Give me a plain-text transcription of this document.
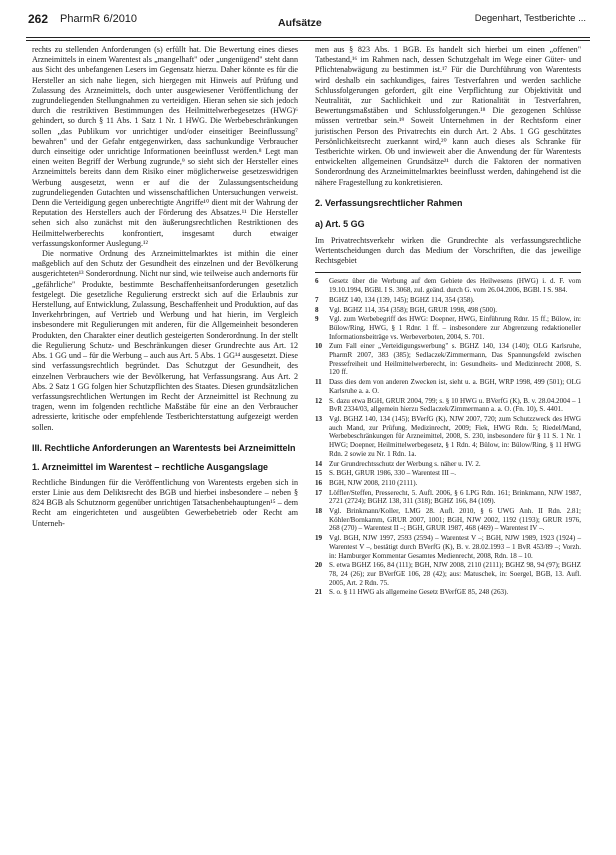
262 PharmR 6/2010	Aufsätze	Degenhart, Testberichte ...

rechts zu stellenden Anforderungen (s) erfüllt hat. Die Bewertung eines dieses Arzneimittels in einem Warentest als „mangelhaft" oder „ungenügend" steht dann aus Sicht des unbefangenen Lesers im Gegensatz hierzu. Daher könnte es für die Hersteller an sich nahe liegen, sich hiergegen mit Hinweis auf Prüfung und Zulassung des Arzneimittels, doch unter ausgewiesener Veröffentlichung der zugrundeliegenden Stellungnahmen zu verteidigen. Hieran sehen sie sich jedoch durch die restriktiven Bestimmungen des Heilmittelwerbegesetzes (HWG)⁶ gehindert, so durch § 11 Abs. 1 Satz 1 Nr. 1 HWG. Die Werbebeschränkungen sollen „das Publikum vor unrichtiger und/oder einseitiger Beeinflussung⁷ bewahren" und der Gefahr entgegenwirken, dass sachunkundige Verbraucher durch einseitige oder unrichtige Informationen beeinflusst werden.⁸ Legt man einen weiten Begriff der Werbung zugrunde,⁹ so sieht sich der Hersteller eines Arzneimittels bereits dann dem Risiko einer möglicherweise gesetzeswidrigen Werbung ausgesetzt, wenn er auf die der Zulassungsentscheidung zugrundeliegenden Gutachten und wissenschaftlichen Untersuchungen verweist. Denn die Verteidigung gegen unberechtigte Angriffe¹⁰ dient mit der Wahrung der Reputation des Herstellers auch der Förderung des Absatzes.¹¹ Die Hersteller sehen sich also zunächst mit den äußerungsrechtlichen Restriktionen des Heilmittelwerberechts konfrontiert, insgesamt durch etwaiger verfassungskonformer Auslegung.¹²

Die normative Ordnung des Arzneimittelmarktes ist mithin die einer maßgeblich auf den Schutz der Gesundheit des einzelnen und der Bevölkerung ausgerichteten¹³ Sonderordnung. Nicht nur sind, wie teilweise auch andernorts für „gefährliche" Produkte, bestimmte Beschaffenheitsanforderungen gesetzlich festgelegt. Die gesetzliche Regulierung erstreckt sich auf die Erlaubnis zur Herstellung, auf Entwicklung, Zulassung, Beschaffenheit und Produktion, auf das Inverkehrbringen, auf Vertrieb und Werbung und hat hierin, im Vergleich insbesondere mit Regulierungen mit anderen, für die Allgemeinheit besonderen Produkten, den Charakter einer deutlich gesteigerten Sonderordnung. In der stellt die Regulierung Schutz- und Beschränkungen dieser Grundrechte aus Art. 12 Abs. 1 GG und – für die Werbung – auch aus Art. 5 Abs. 1 GG¹⁴ ausgesetzt. Diese sind verfassungsrechtlich begründet. Das Schutzgut der Gesundheit, des einzelnen Verbrauchers wie der Bevölkerung, hat Verfassungsrang. Aus Art. 2 Abs. 2 Satz 1 GG folgen hier Schutzpflichten des Staates. Diesen grundsätzlichen verfassungsrechtlichen Wertungen im Recht der Arzneimittel ist Rechnung zu tragen, wenn im folgenden rechtliche Maßstäbe für eine an den Verbraucher adressierte, kritische oder empfehlende Testberichterstattung aufgezeigt werden sollen.

III. Rechtliche Anforderungen an Warentests bei Arzneimitteln
1. Arzneimittel im Warentest – rechtliche Ausgangslage

Rechtliche Bindungen für die Veröffentlichung von Warentests ergeben sich in erster Linie aus dem Deliktsrecht des BGB und hierbei insbesondere – neben § 824 BGB als Schutznorm gegenüber unrichtigen Tatsachenbehauptungen¹⁵ – dem Recht am eingerichteten und ausgeübten Gewerbebetrieb oder Recht am Unterneh-

men aus § 823 Abs. 1 BGB. Es handelt sich hierbei um einen „offenen" Tatbestand,¹⁶ im Rahmen nach, dessen Schutzgehalt im Wege einer Güter- und Pflichtenabwägung zu bestimmen ist.¹⁷ Für die Durchführung von Warentests wird deshalb ein sachkundiges, faires Testverfahren und werden sachliche Schlussfolgerungen gefordert, gilt eine Verpflichtung zur Objektivität und Neutralität, zur Sachlichkeit und zur Rationalität in Testverfahren, Bewertungsmaßstäben und Schlussfolgerungen.¹⁸ Die gezogenen Schlüsse müssen vertretbar sein.¹⁹ Soweit Unternehmen in der Rechtsform einer juristischen Person des Privatrechts ein durch Art. 2 Abs. 1 GG geschütztes Persönlichkeitsrecht zuerkannt wird,²⁰ kann auch dieses als Schranke für Testberichte wirken. Ob und inwieweit aber die Anwendung der für Warentests entwickelten allgemeinen Grundsätze²¹ durch die Faktoren der normativen Sonderordnung des Arzneimittelmarktes beeinflusst werden, dahingehend ist die nähere Fragestellung zu konkretisieren.

2. Verfassungsrechtlicher Rahmen
a) Art. 5 GG

Im Privatrechtsverkehr wirken die Grundrechte als verfassungsrechtliche Wertentscheidungen durch das Medium der Vorschriften, die das jeweilige Rechtsgebiet

6	Gesetz über die Werbung auf dem Gebiete des Heilwesens (HWG) i. d. F. vom 19.10.1994, BGBl. I S. 3068, zul. geänd. durch G. vom 26.04.2006, BGBl. I S. 984.
7	BGHZ 140, 134 (139, 145); BGHZ 114, 354 (358).
8	Vgl. BGHZ 114, 354 (358); BGH, GRUR 1998, 498 (500).
9	Vgl. zum Werbebegriff des HWG: Doepner, HWG, Einführung Rdnr. 15 ff.; Bülow, in: Bülow/Ring, HWG, § 1 Rdnr. 1 ff. – insbesondere zur Abgrenzung redaktioneller Informationsbeiträge vs. Werbeverboten, 2004, S. 701.
10 Zum Fall einer „Verteidigungswerbung" s. BGHZ 140, 134 (140); OLG Karlsruhe, PharmR 2007, 383 (385); Sedlaczek/Zimmermann, Das Spannungsfeld zwischen Pressefreiheit und Heilmittelwerberecht, in: Gesundheits- und Medizinrecht 2008, S. 120 ff.
11	Dass dies dem von anderen Zwecken ist, sieht u. a. BGH, WRP 1998, 499 (501); OLG Karlsruhe a. a. O.
12 S. dazu etwa BGH, GRUR 2004, 799; s. § 10 HWG u. BVerfG (K), B. v. 28.04.2004 – 1 BvR 2334/03, allgemein hierzu Sedlaczek/Zimmermann a. a. O. (Fn. 10), S. 4401.
13 Vgl. BGHZ 140, 134 (145); BVerfG (K), NJW 2007, 720; zum Schutzzweck des HWG auch Mand, zur Prüfung, Medizinrecht, 2009; Fiek, HWG Rdn. 5; Riedel/Mand, Werbebeschränkungen für Arzneimittel, 2008, S. 230, insbesondere für § 11 S. 1 Nr. 1 HWG; Doepner, Heilmittelwerbegesetz, § 1 Rdn. 4; Bülow, in: Bülow/Ring, § 11 HWG Rdn. 2 sowie zu Nr. 1 Rdn. 1a.
14 Zur Grundrechtsschutz der Werbung s. näher u. IV. 2.
15 S. BGH, GRUR 1986, 330 – Warentest III –.
16 BGH, NJW 2008, 2110 (2111).
17 Löffler/Steffen, Presserecht, 5. Aufl. 2006, § 6 LPG Rdn. 161; Brinkmann, NJW 1987, 2721 (2724); BGHZ 138, 311 (318); BGHZ 166, 84 (109).
18 Vgl. Brinkmann/Koller, LMG 28. Aufl. 2010, § 6 UWG Anh. II Rdn. 2.81; Köhler/Bornkamm, GRUR 2007, 1001; BGH, NJW 2002, 1192 (1193); GRUR 1976, 268 (270) – Warentest II –; BGH, GRUR 1987, 468 (469) – Warentest IV –.
19 Vgl. BGH, NJW 1997, 2593 (2594) – Warentest V –; BGH, NJW 1989, 1923 (1924) – Warentest V –, bestätigt durch BVerfG (K), B. v. 28.02.1993 – 1 BvR 453/89 –; Vorzh. in: Hamburger Kommentar Gesamtes Medienrecht, 2008, Rdn. 18 – 10.
20 S. etwa BGHZ 166, 84 (111); BGH, NJW 2008, 2110 (2111); BGHZ 98, 94 (97); BGHZ 78, 24 (26); zur BVerfGE 106, 28 (42); aus: Matuschek, in: Soergel, BGB, 13. Aufl. 2005, Art. 2 Rdn. 75.
21 S. o. § 11 HWG als allgemeine Gesetz BVerfGE 85, 248 (263).
